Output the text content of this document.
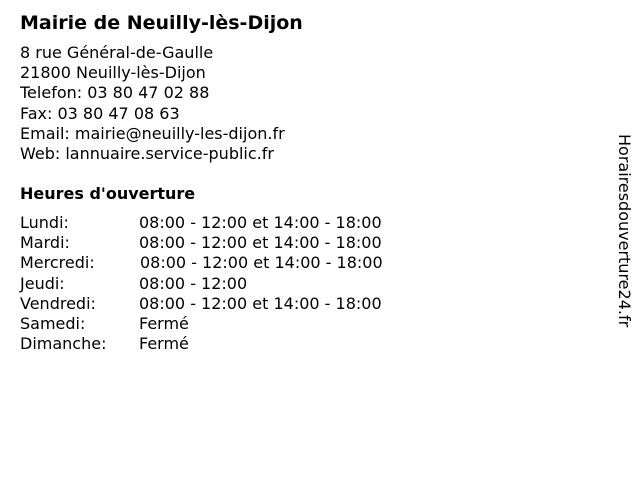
Mairie de Neuilly-lès-Dijon
8 rue Général-de-Gaulle
21800 Neuilly-lès-Dijon
Telefon: 03 80 47 02 88
Fax: 03 80 47 08 63
Email: mairie@neuilly-les-dijon.fr
Web: lannuaire.service-public.fr
Heures d'ouverture
Lundi:	08:00 - 12:00 et 14:00 - 18:00
Mardi:	08:00 - 12:00 et 14:00 - 18:00
Mercredi:	08:00 - 12:00 et 14:00 - 18:00
Jeudi:	08:00 - 12:00
Vendredi:	08:00 - 12:00 et 14:00 - 18:00
Samedi:	Fermé
Dimanche:	Fermé
Horairesdouverture24.fr
